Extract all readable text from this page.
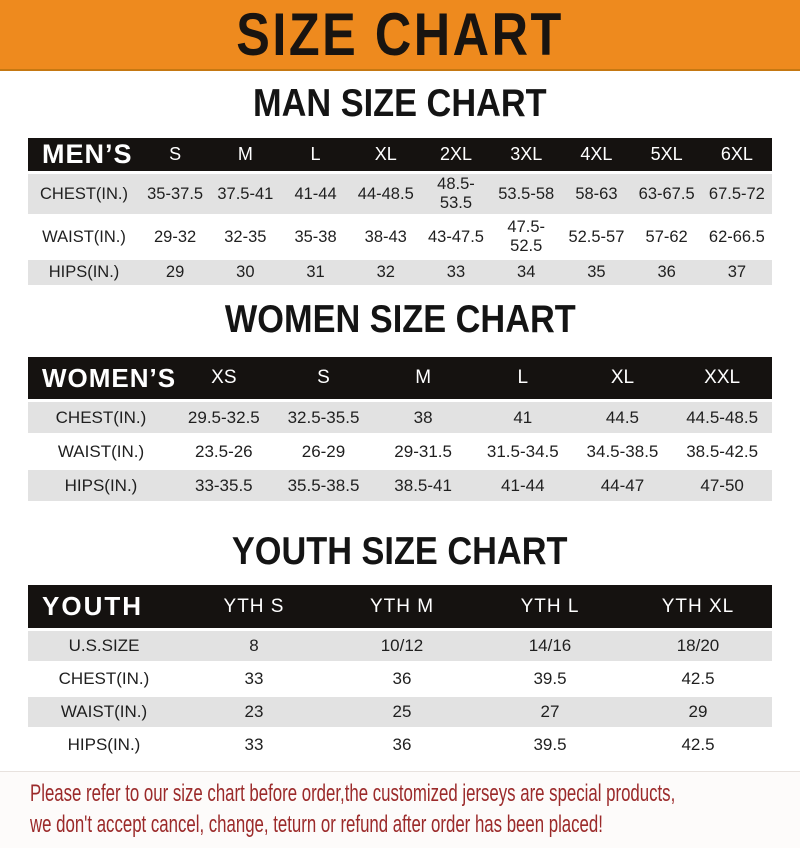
SIZE CHART
MAN SIZE CHART
MEN’S	S	M	L	XL	2XL	3XL	4XL	5XL	6XL
CHEST(IN.)	35-37.5	37.5-41	41-44	44-48.5	48.5-53.5	53.5-58	58-63	63-67.5	67.5-72
WAIST(IN.)	29-32	32-35	35-38	38-43	43-47.5	47.5-52.5	52.5-57	57-62	62-66.5
HIPS(IN.)	29	30	31	32	33	34	35	36	37
WOMEN SIZE CHART
WOMEN’S	XS	S	M	L	XL	XXL
CHEST(IN.)	29.5-32.5	32.5-35.5	38	41	44.5	44.5-48.5
WAIST(IN.)	23.5-26	26-29	29-31.5	31.5-34.5	34.5-38.5	38.5-42.5
HIPS(IN.)	33-35.5	35.5-38.5	38.5-41	41-44	44-47	47-50
YOUTH SIZE CHART
YOUTH	YTH S	YTH M	YTH L	YTH XL
U.S.SIZE	8	10/12	14/16	18/20
CHEST(IN.)	33	36	39.5	42.5
WAIST(IN.)	23	25	27	29
HIPS(IN.)	33	36	39.5	42.5
Please refer to our size chart before order,the customized jerseys are special products,
we don't accept cancel, change, teturn or refund after order has been placed!
